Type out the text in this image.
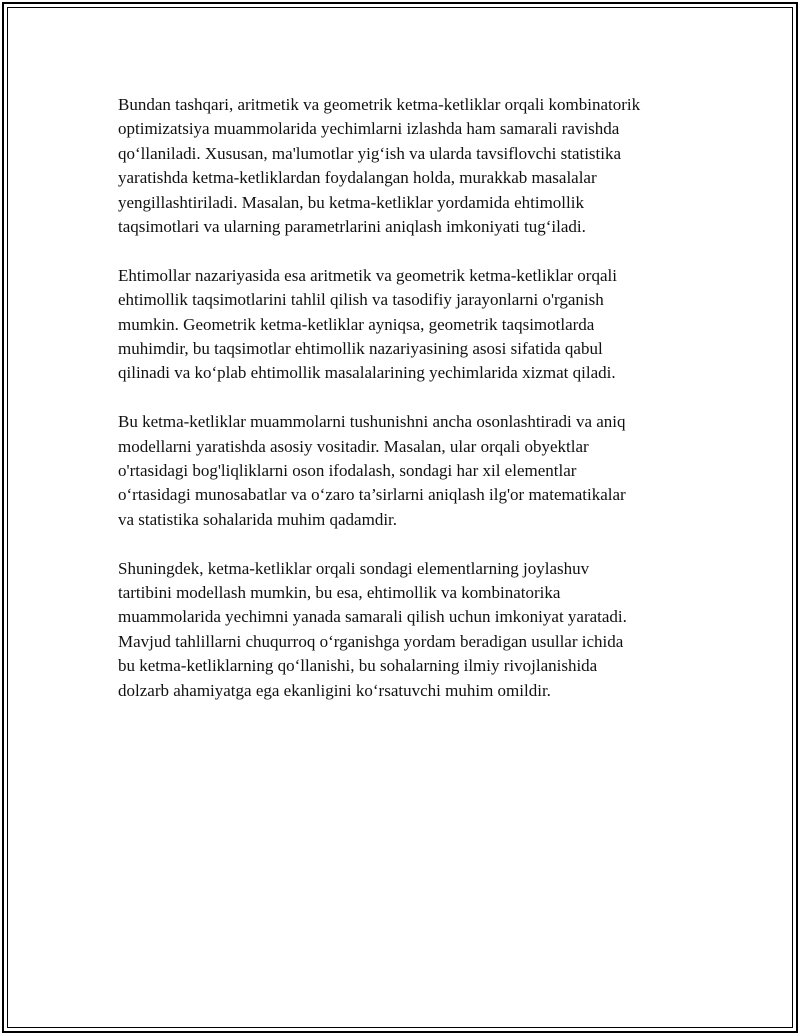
Bundan tashqari, aritmetik va geometrik ketma-ketliklar orqali kombinatorik
optimizatsiya muammolarida yechimlarni izlashda ham samarali ravishda
qo‘llaniladi. Xususan, ma'lumotlar yig‘ish va ularda tavsiflovchi statistika
yaratishda ketma-ketliklardan foydalangan holda, murakkab masalalar
yengillashtiriladi. Masalan, bu ketma-ketliklar yordamida ehtimollik
taqsimotlari va ularning parametrlarini aniqlash imkoniyati tug‘iladi.

Ehtimollar nazariyasida esa aritmetik va geometrik ketma-ketliklar orqali
ehtimollik taqsimotlarini tahlil qilish va tasodifiy jarayonlarni o'rganish
mumkin. Geometrik ketma-ketliklar ayniqsa, geometrik taqsimotlarda
muhimdir, bu taqsimotlar ehtimollik nazariyasining asosi sifatida qabul
qilinadi va ko‘plab ehtimollik masalalarining yechimlarida xizmat qiladi.

Bu ketma-ketliklar muammolarni tushunishni ancha osonlashtiradi va aniq
modellarni yaratishda asosiy vositadir. Masalan, ular orqali obyektlar
o'rtasidagi bog'liqliklarni oson ifodalash, sondagi har xil elementlar
o‘rtasidagi munosabatlar va o‘zaro ta’sirlarni aniqlash ilg'or matematikalar
va statistika sohalarida muhim qadamdir.

Shuningdek, ketma-ketliklar orqali sondagi elementlarning joylashuv
tartibini modellash mumkin, bu esa, ehtimollik va kombinatorika
muammolarida yechimni yanada samarali qilish uchun imkoniyat yaratadi.
Mavjud tahlillarni chuqurroq o‘rganishga yordam beradigan usullar ichida
bu ketma-ketliklarning qo‘llanishi, bu sohalarning ilmiy rivojlanishida
dolzarb ahamiyatga ega ekanligini ko‘rsatuvchi muhim omildir.
